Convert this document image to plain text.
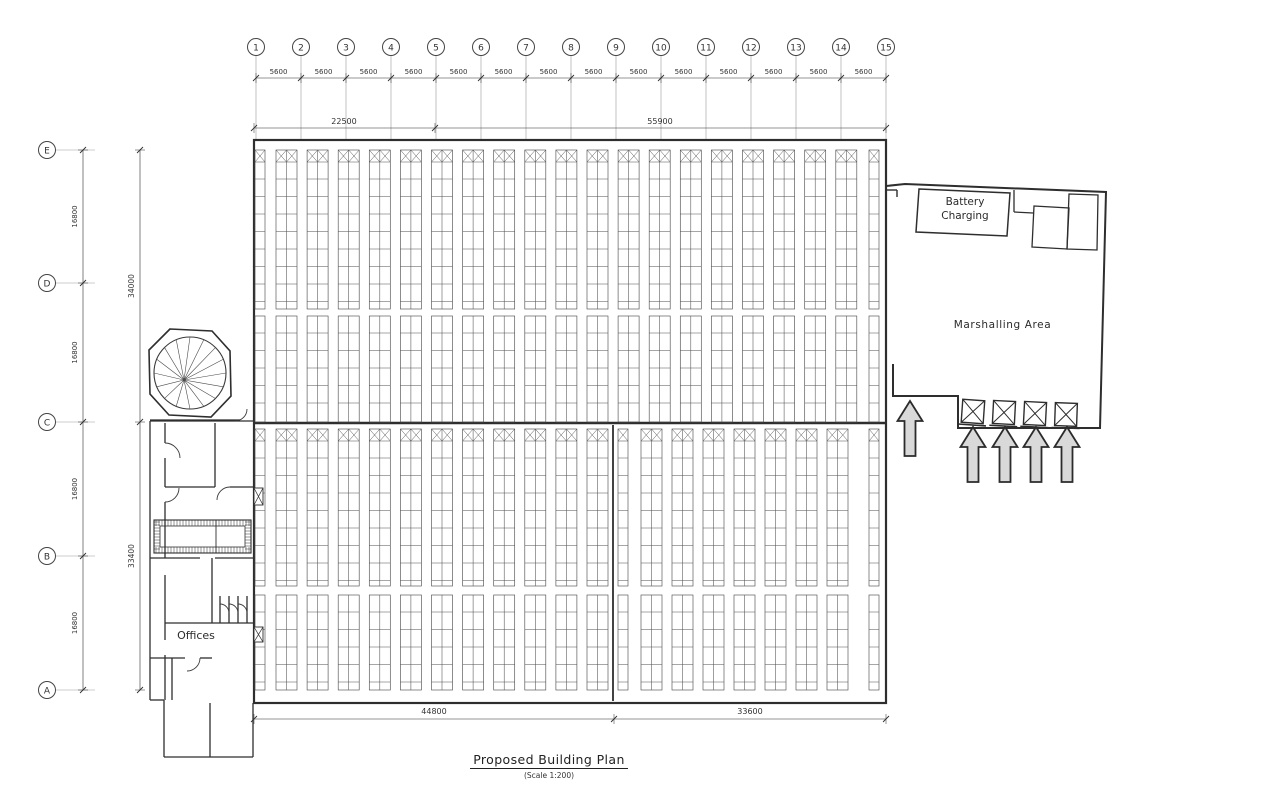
1	2	3	4	5	6	7	8	9	10	11	12	13	14	15
5600	5600	5600	5600	5600	5600	5600	5600	5600	5600	5600	5600	5600	5600
E
D
C
B
A
16800
16800
16800
16800
34000
33400
22500	55900
44800	33600
Battery
Charging
Marshalling Area
Offices
Proposed Building Plan
(Scale 1:200)
